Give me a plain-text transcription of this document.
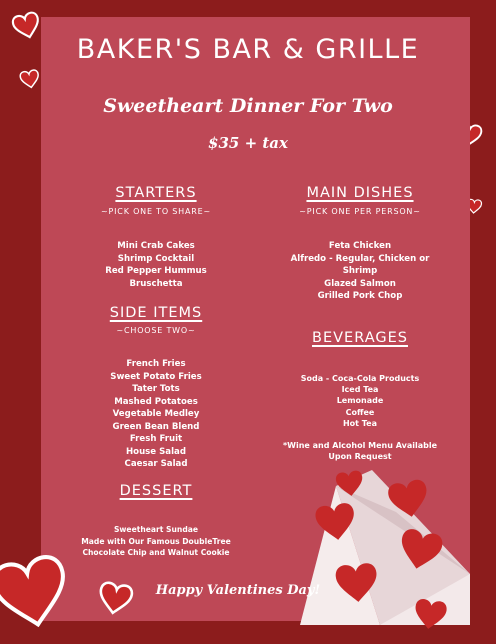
BAKER'S BAR & GRILLE
Sweetheart Dinner For Two
$35 + tax
STARTERS
~PICK ONE TO SHARE~
Mini Crab Cakes
Shrimp Cocktail
Red Pepper Hummus
Bruschetta
SIDE ITEMS
~CHOOSE TWO~
French Fries
Sweet Potato Fries
Tater Tots
Mashed Potatoes
Vegetable Medley
Green Bean Blend
Fresh Fruit
House Salad
Caesar Salad
DESSERT
Sweetheart Sundae
Made with Our Famous DoubleTree
Chocolate Chip and Walnut Cookie
MAIN DISHES
~PICK ONE PER PERSON~
Feta Chicken
Alfredo - Regular, Chicken or Shrimp
Glazed Salmon
Grilled Pork Chop
BEVERAGES
Soda - Coca-Cola Products
Iced Tea
Lemonade
Coffee
Hot Tea
*Wine and Alcohol Menu Available
Upon Request
Happy Valentines Day!
